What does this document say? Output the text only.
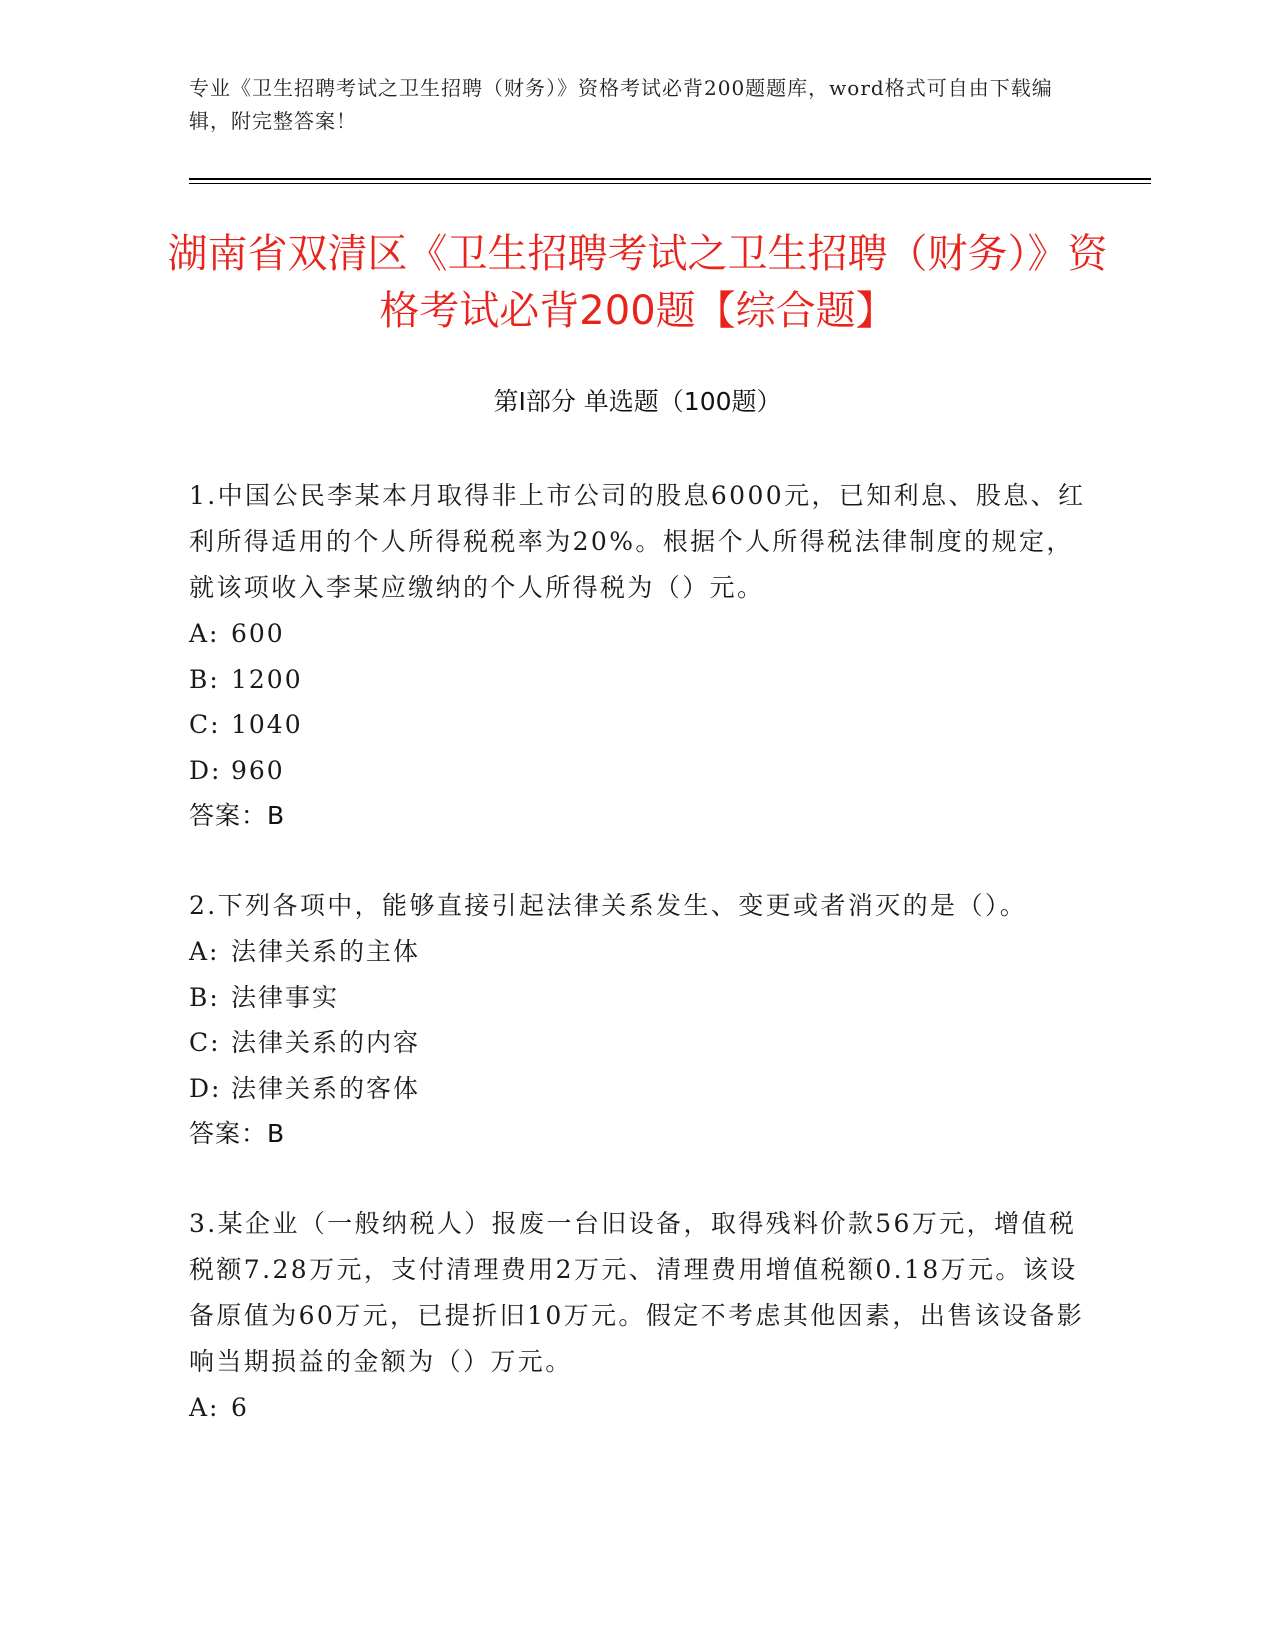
专业《卫生招聘考试之卫生招聘（财务）》资格考试必背200题题库，word格式可自由下载编辑，附完整答案！
湖南省双清区《卫生招聘考试之卫生招聘（财务）》资格考试必背200题【综合题】
第Ⅰ部分 单选题（100题）

1.中国公民李某本月取得非上市公司的股息6000元，已知利息、股息、红利所得适用的个人所得税税率为20%。根据个人所得税法律制度的规定，就该项收入李某应缴纳的个人所得税为（）元。

A: 600
B: 1200
C: 1040
D: 960
答案：B

2.下列各项中，能够直接引起法律关系发生、变更或者消灭的是（）。

A: 法律关系的主体
B: 法律事实
C: 法律关系的内容
D: 法律关系的客体
答案：B

3.某企业（一般纳税人）报废一台旧设备，取得残料价款56万元，增值税税额7.28万元，支付清理费用2万元、清理费用增值税额0.18万元。该设备原值为60万元，已提折旧10万元。假定不考虑其他因素，出售该设备影响当期损益的金额为（）万元。

A: 6
